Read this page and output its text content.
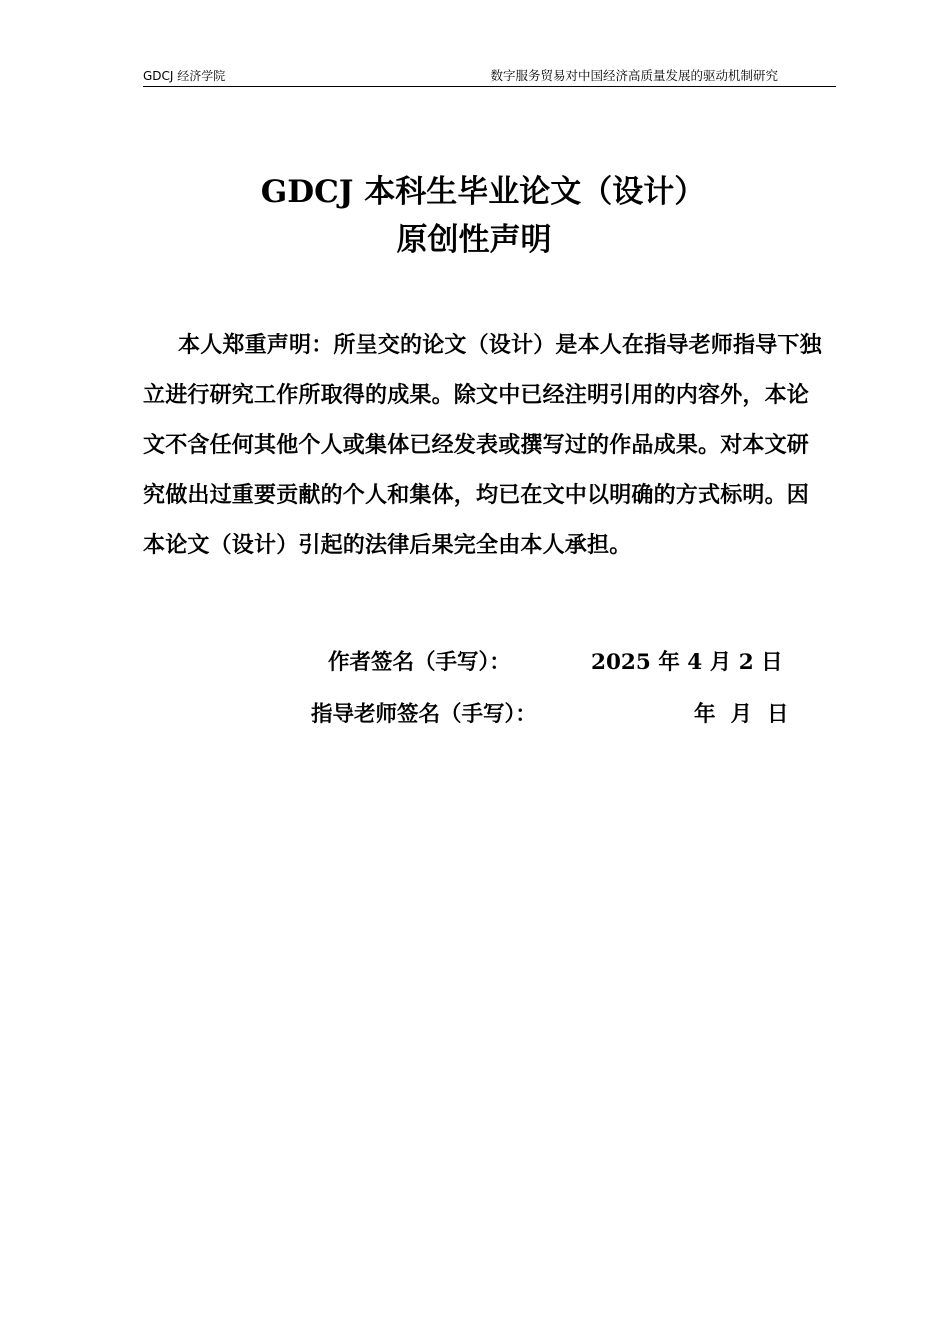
GDCJ 经济学院	数字服务贸易对中国经济高质量发展的驱动机制研究
GDCJ 本科生毕业论文（设计）
原创性声明

本人郑重声明：所呈交的论文（设计）是本人在指导老师指导下独立进行研究工作所取得的成果。除文中已经注明引用的内容外，本论文不含任何其他个人或集体已经发表或撰写过的作品成果。对本文研究做出过重要贡献的个人和集体，均已在文中以明确的方式标明。因本论文（设计）引起的法律后果完全由本人承担。

作者签名（手写）：	2025 年 4 月 2 日
指导老师签名（手写）：	年  月  日
